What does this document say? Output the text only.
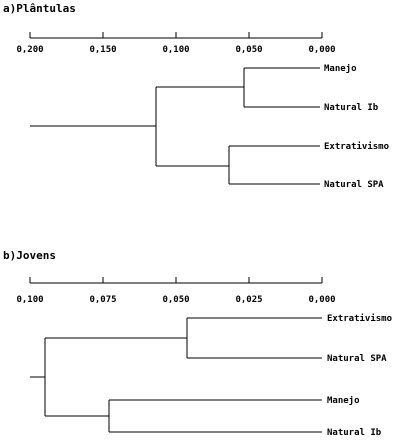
a)Plântulas
0,200	0,150	0,100	0,050	0,000
Manejo
Natural Ib
Extrativismo
Natural SPA
b)Jovens
0,100	0,075	0,050	0,025	0,000
Extrativismo
Natural SPA
Manejo
Natural Ib
